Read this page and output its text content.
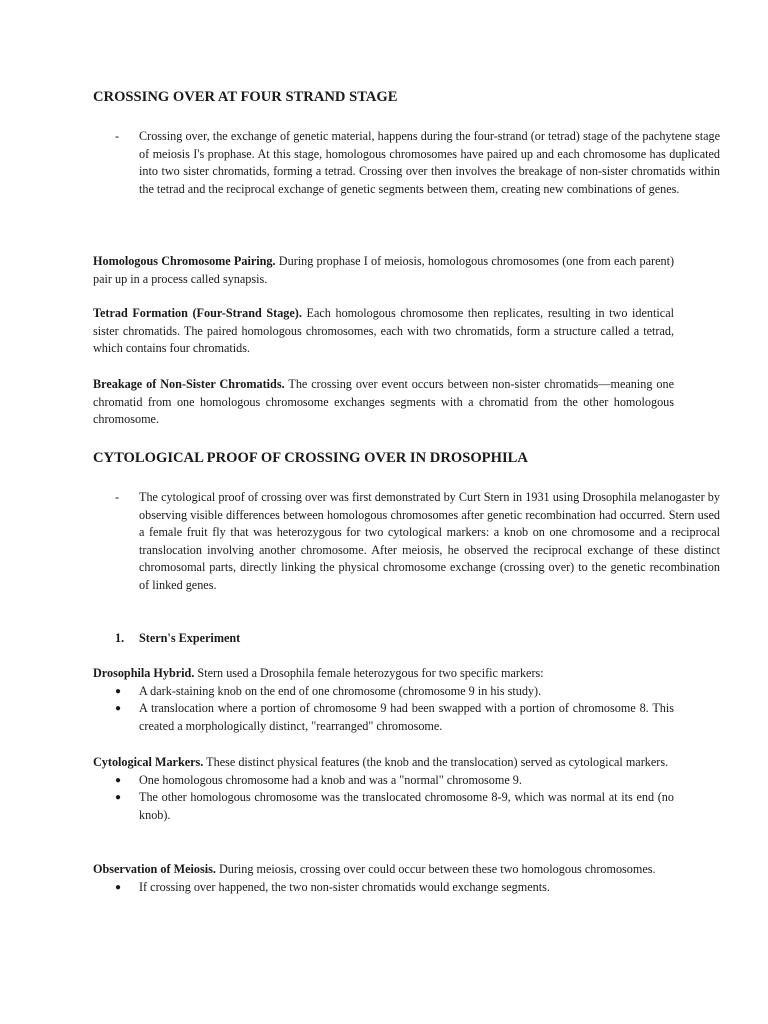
CROSSING OVER AT FOUR STRAND STAGE
- Crossing over, the exchange of genetic material, happens during the four-strand (or tetrad) stage of the pachytene stage of meiosis I's prophase. At this stage, homologous chromosomes have paired up and each chromosome has duplicated into two sister chromatids, forming a tetrad. Crossing over then involves the breakage of non-sister chromatids within the tetrad and the reciprocal exchange of genetic segments between them, creating new combinations of genes.

Homologous Chromosome Pairing. During prophase I of meiosis, homologous chromosomes (one from each parent) pair up in a process called synapsis.

Tetrad Formation (Four-Strand Stage). Each homologous chromosome then replicates, resulting in two identical sister chromatids. The paired homologous chromosomes, each with two chromatids, form a structure called a tetrad, which contains four chromatids.

Breakage of Non-Sister Chromatids. The crossing over event occurs between non-sister chromatids—meaning one chromatid from one homologous chromosome exchanges segments with a chromatid from the other homologous chromosome.

CYTOLOGICAL PROOF OF CROSSING OVER IN DROSOPHILA
- The cytological proof of crossing over was first demonstrated by Curt Stern in 1931 using Drosophila melanogaster by observing visible differences between homologous chromosomes after genetic recombination had occurred. Stern used a female fruit fly that was heterozygous for two cytological markers: a knob on one chromosome and a reciprocal translocation involving another chromosome. After meiosis, he observed the reciprocal exchange of these distinct chromosomal parts, directly linking the physical chromosome exchange (crossing over) to the genetic recombination of linked genes.

1. Stern's Experiment

Drosophila Hybrid. Stern used a Drosophila female heterozygous for two specific markers:

● A dark-staining knob on the end of one chromosome (chromosome 9 in his study).
● A translocation where a portion of chromosome 9 had been swapped with a portion of chromosome 8. This created a morphologically distinct, "rearranged" chromosome.

Cytological Markers. These distinct physical features (the knob and the translocation) served as cytological markers.

● One homologous chromosome had a knob and was a "normal" chromosome 9.
● The other homologous chromosome was the translocated chromosome 8-9, which was normal at its end (no knob).

Observation of Meiosis. During meiosis, crossing over could occur between these two homologous chromosomes.

● If crossing over happened, the two non-sister chromatids would exchange segments.
